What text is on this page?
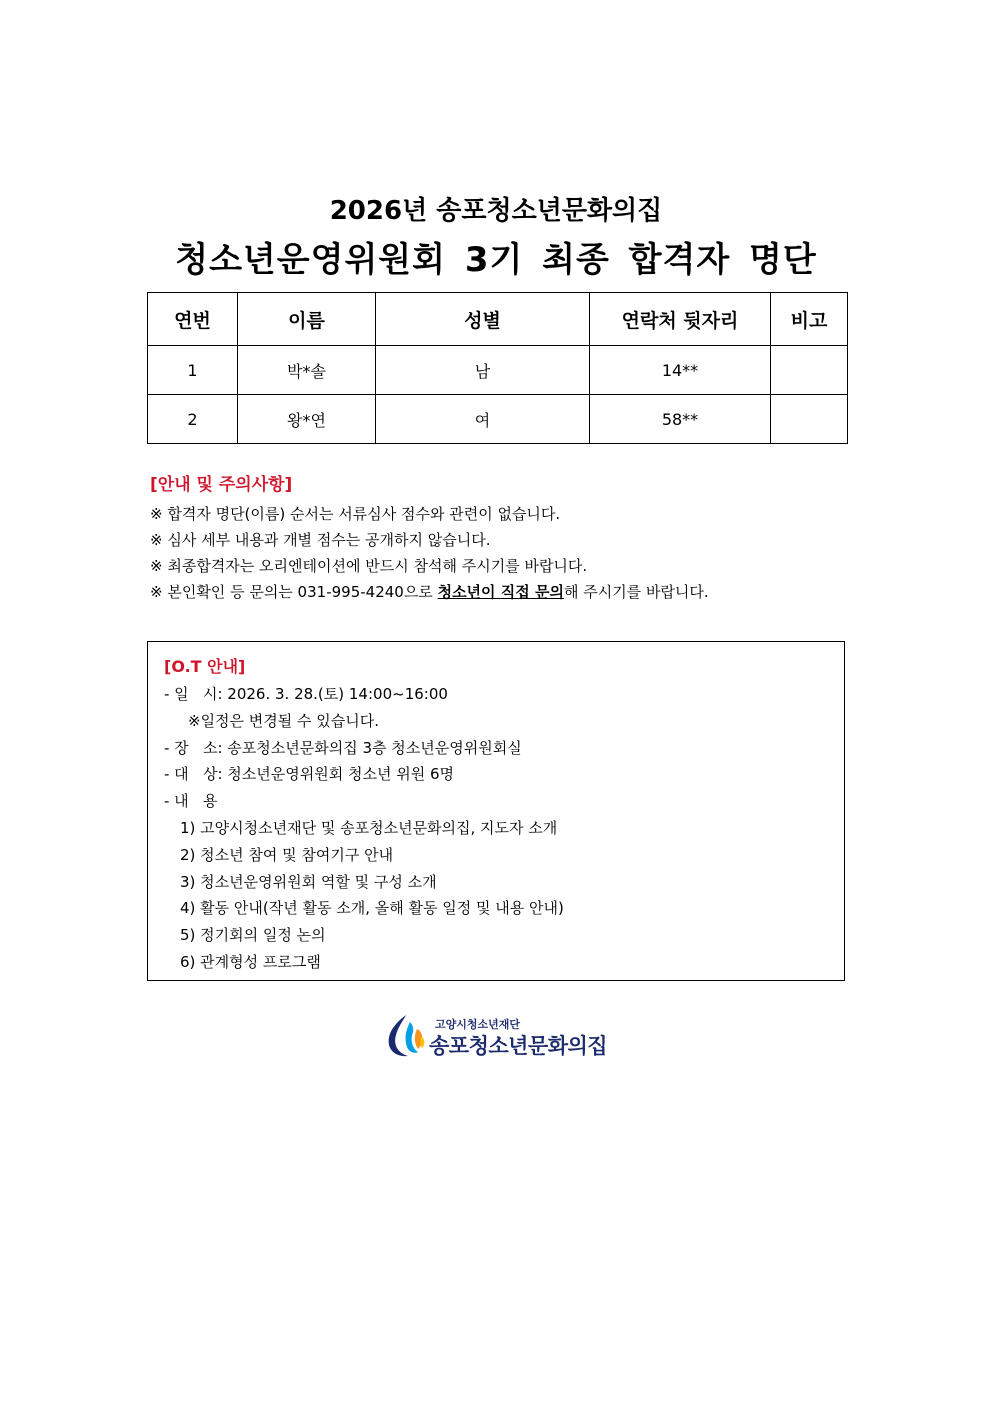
2026년 송포청소년문화의집
청소년운영위원회 3기 최종 합격자 명단
연번	이름	성별	연락처 뒷자리	비고
1	박*솔	남	14**	
2	왕*연	여	58**	
[안내 및 주의사항]
※ 합격자 명단(이름) 순서는 서류심사 점수와 관련이 없습니다.
※ 심사 세부 내용과 개별 점수는 공개하지 않습니다.
※ 최종합격자는 오리엔테이션에 반드시 참석해 주시기를 바랍니다.
※ 본인확인 등 문의는 031-995-4240으로 청소년이 직접 문의해 주시기를 바랍니다.
[O.T 안내]
- 일   시: 2026. 3. 28.(토) 14:00~16:00
※일정은 변경될 수 있습니다.
- 장   소: 송포청소년문화의집 3층 청소년운영위원회실
- 대   상: 청소년운영위원회 청소년 위원 6명
- 내   용
1) 고양시청소년재단 및 송포청소년문화의집, 지도자 소개
2) 청소년 참여 및 참여기구 안내
3) 청소년운영위원회 역할 및 구성 소개
4) 활동 안내(작년 활동 소개, 올해 활동 일정 및 내용 안내)
5) 정기회의 일정 논의
6) 관계형성 프로그램
고양시청소년재단
송포청소년문화의집
